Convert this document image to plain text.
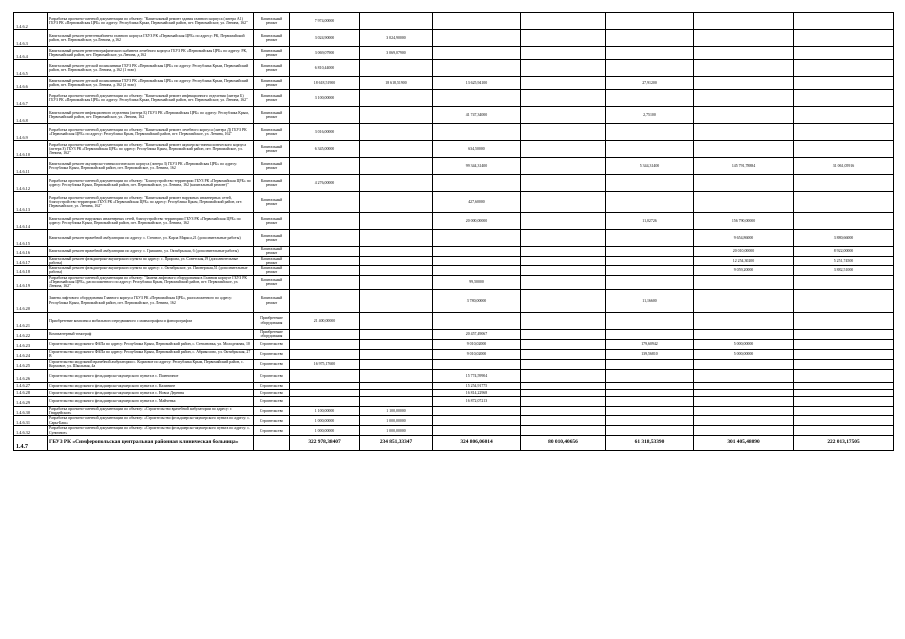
1.4.6.2	Разработка проектно-сметной документации по объекту: "Капитальный ремонт здания главного корпуса (литера А1) ГБУЗ РК «Первомайская ЦРБ» по адресу: Республика Крым, Первомайский район, пгт. Первомайское, ул. Ленина, 162"	Капитальный ремонт	7 974,00000						
1.4.6.3	Капитальный ремонт рентгенкабинета главного корпуса ГБУЗ РК «Первомайская ЦРБ» по адресу: РК, Первомайский район, пгт. Первомайское, ул.Ленина, д.162	Капитальный ремонт	3 024,90000	3 024,90000					
1.4.6.4	Капитальный ремонт рентгенографического кабинета лечебного корпуса ГБУЗ РК «Первомайская ЦРБ» по адресу: РК, Первомайский район, пгт. Первомайское, ул.Ленина, д.162	Капитальный ремонт	3 069,07900	3 069,07900					
1.4.6.5	Капитальный ремонт детской поликлиники ГБУЗ РК «Первомайская ЦРБ» по адресу: Республика Крым, Первомайский район, пгт. Первомайское, ул. Ленина, д.162 (1 этап)	Капитальный ремонт	6 810,44000						
1.4.6.6	Капитальный ремонт детской поликлиники ГБУЗ РК «Первомайская ЦРБ» по адресу: Республика Крым, Первомайский район, пгт. Первомайское, ул. Ленина, д.162 (2 этап)	Капитальный ремонт	18 618,51900	18 618,51900	13 625,94100		27,91200		
1.4.6.7	Разработка проектно-сметной документации по объекту: "Капитальный ремонт инфекционного отделения (литера Б) ГБУЗ РК «Первомайская ЦРБ» по адресу: Республика Крым, Первомайский район, пгт. Первомайское, ул. Ленина, 162"	Капитальный ремонт	3 100,00000						
1.4.6.8	Капитальный ремонт инфекционного отделения (литера Б) ГБУЗ РК «Первомайская ЦРБ» по адресу: Республика Крым, Первомайский район, пгт. Первомайское, ул. Ленина, 162	Капитальный ремонт			41 747,34000		2,75100		
1.4.6.9	Разработка проектно-сметной документации по объекту: "Капитальный ремонт лечебного корпуса (литера Д) ГБУЗ РК «Первомайская ЦРБ» по адресу: Республика Крым, Первомайский район, пгт. Первомайское, ул. Ленина, 162"	Капитальный ремонт	3 016,00000						
1.4.6.10	Разработка проектно-сметной документации по объекту: "Капитальный ремонт акушерско-гинекологического корпуса (литера З) ГБУЗ РК «Первомайская ЦРБ» по адресу: Республика Крым, Первомайский район, пгт. Первомайское, ул. Ленина, 162"	Капитальный ремонт	6 345,00000		634,50000				
1.4.6.11	Капитальный ремонт акушерско-гинекологического корпуса (литера З) ГБУЗ РК «Первомайская ЦРБ» по адресу: Республика Крым, Первомайский район, пгт. Первомайское, ул. Ленина, 162	Капитальный ремонт			99 344,31400		5 344,31400	145 791,78884	31 061,05916
1.4.6.12	Разработка проектно-сметной документации по объекту: "Благоустройство территории ГБУЗ РК «Первомайская ЦРБ» по адресу: Республика Крым, Первомайский район, пгт. Первомайское, ул. Ленина, 162 (капитальный ремонт)"	Капитальный ремонт	4 276,00000						
1.4.6.13	Разработка проектно-сметной документации по объекту: "Капитальный ремонт наружных инженерных сетей, благоустройство территории ГБУЗ РК «Первомайская ЦРБ» по адресу: Республика Крым, Первомайский район, пгт. Первомайское, ул. Ленина, 162"	Капитальный ремонт			427,60000				
1.4.6.14	Капитальный ремонт наружных инженерных сетей, благоустройство территории ГБУЗ РК «Первомайская ЦРБ» по адресу: Республика Крым, Первомайский район, пгт. Первомайское, ул. Ленина, 162	Капитальный ремонт			20 000,00000		11,02726	156 790,00000	
1.4.6.15	Капитальный ремонт врачебной амбулатории по адресу: с. Степное, ул. Карла Маркса,21 (дополнительные работы)	Капитальный ремонт						9 654,86000	3 880,66000
1.4.6.16	Капитальный ремонт врачебной амбулатории по адресу: с. Гришино, ул. Октябрьская, 6 (дополнительные работы)	Капитальный ремонт						20 010,00000	8 922,00000
1.4.6.17	Капитальный ремонт фельдшерско-акушерского пункта по адресу: с. Прирова, ул. Советская,19 (дополнительные работы)	Капитальный ремонт						12 254,30200	5 251,74500
1.4.6.18	Капитальный ремонт фельдшерско-акушерского пункта по адресу: с. Октябрьское, ул. Пионерская,51 (дополнительные работы)	Капитальный ремонт						9 059,20000	3 882,51000
1.4.6.19	Разработка проектно-сметной документации по объекту: "Замена лифтового оборудования в Главном корпусе ГБУЗ РК «Первомайская ЦРБ», расположенного по адресу: Республика Крым, Первомайский район, пгт. Первомайское, ул. Ленина, 162"	Капитальный ремонт			99,50000				
1.4.6.20	Замена лифтового оборудования Главного корпуса ГБУЗ РК «Первомайская ЦРБ», расположенного по адресу: Республика Крым, Первомайский район, пгт. Первомайское, ул. Ленина, 162	Капитальный ремонт			3 780,00000		11,16600		
1.4.6.21	Приобретение комплекса мобильного передвижного с маммографом и флюорографом	Приобретение оборудования	21 400,00000						
1.4.6.22	Компьютерный томограф	Приобретение оборудования			20 457,49067				
1.4.6.23	Строительство модульного ФАПа по адресу: Республика Крым, Первомайский район, с. Степановка, ул. Молодежная, 10	Строительство			9 010,02000		179,60942	5 000,00000	
1.4.6.24	Строительство модульного ФАПа по адресу: Республика Крым, Первомайский район, с. Абрикосово, ул. Октябрьская, 27 В	Строительство			9 010,02000		139,56810	5 000,00000	
1.4.6.25	Строительство модульной врачебной амбулатории с. Кормовое по адресу: Республика Крым, Первомайский район, с. Кормовое, ул. Школьная, 4а	Строительство	16 975,17600						
1.4.6.26	Строительство модульного фельдшерско-акушерского пункта в с. Пшеничное	Строительство			15 774,59904				
1.4.6.27	Строительство модульного фельдшерско-акушерского пункта в с. Калинине	Строительство			15 254,91775				
1.4.6.28	Строительство модульного фельдшерско-акушерского пункта в с. Новоа Деревня	Строительство			16 814,22968				
1.4.6.29	Строительство модульного фельдшерско-акушерского пункта в с. Майченка	Строительство			16 872,07213				
1.4.6.30	Разработка проектно-сметной документации по объекту: «Строительство врачебной амбулатории по адресу: г. Гвардейское»	Строительство	1 100,00000	1 100,00000					
1.4.6.31	Разработка проектно-сметной документации по объекту: «Строительство фельдшерско-акушерского пункта по адресу: с. Сары-Баш»	Строительство	1 000,00000	1 000,00000					
1.4.6.32	Разработка проектно-сметной документации по объекту: «Строительство фельдшерско-акушерского пункта по адресу: с. Суничное»	Строительство	1 000,00000	1 000,00000					
1.4.7	ГБУЗ РК «Симферопольская центральная районная клиническая больница»		322 978,38407	234 851,33347	324 806,06014	80 010,40656	61 318,53390	301 405,48090	222 013,17505
